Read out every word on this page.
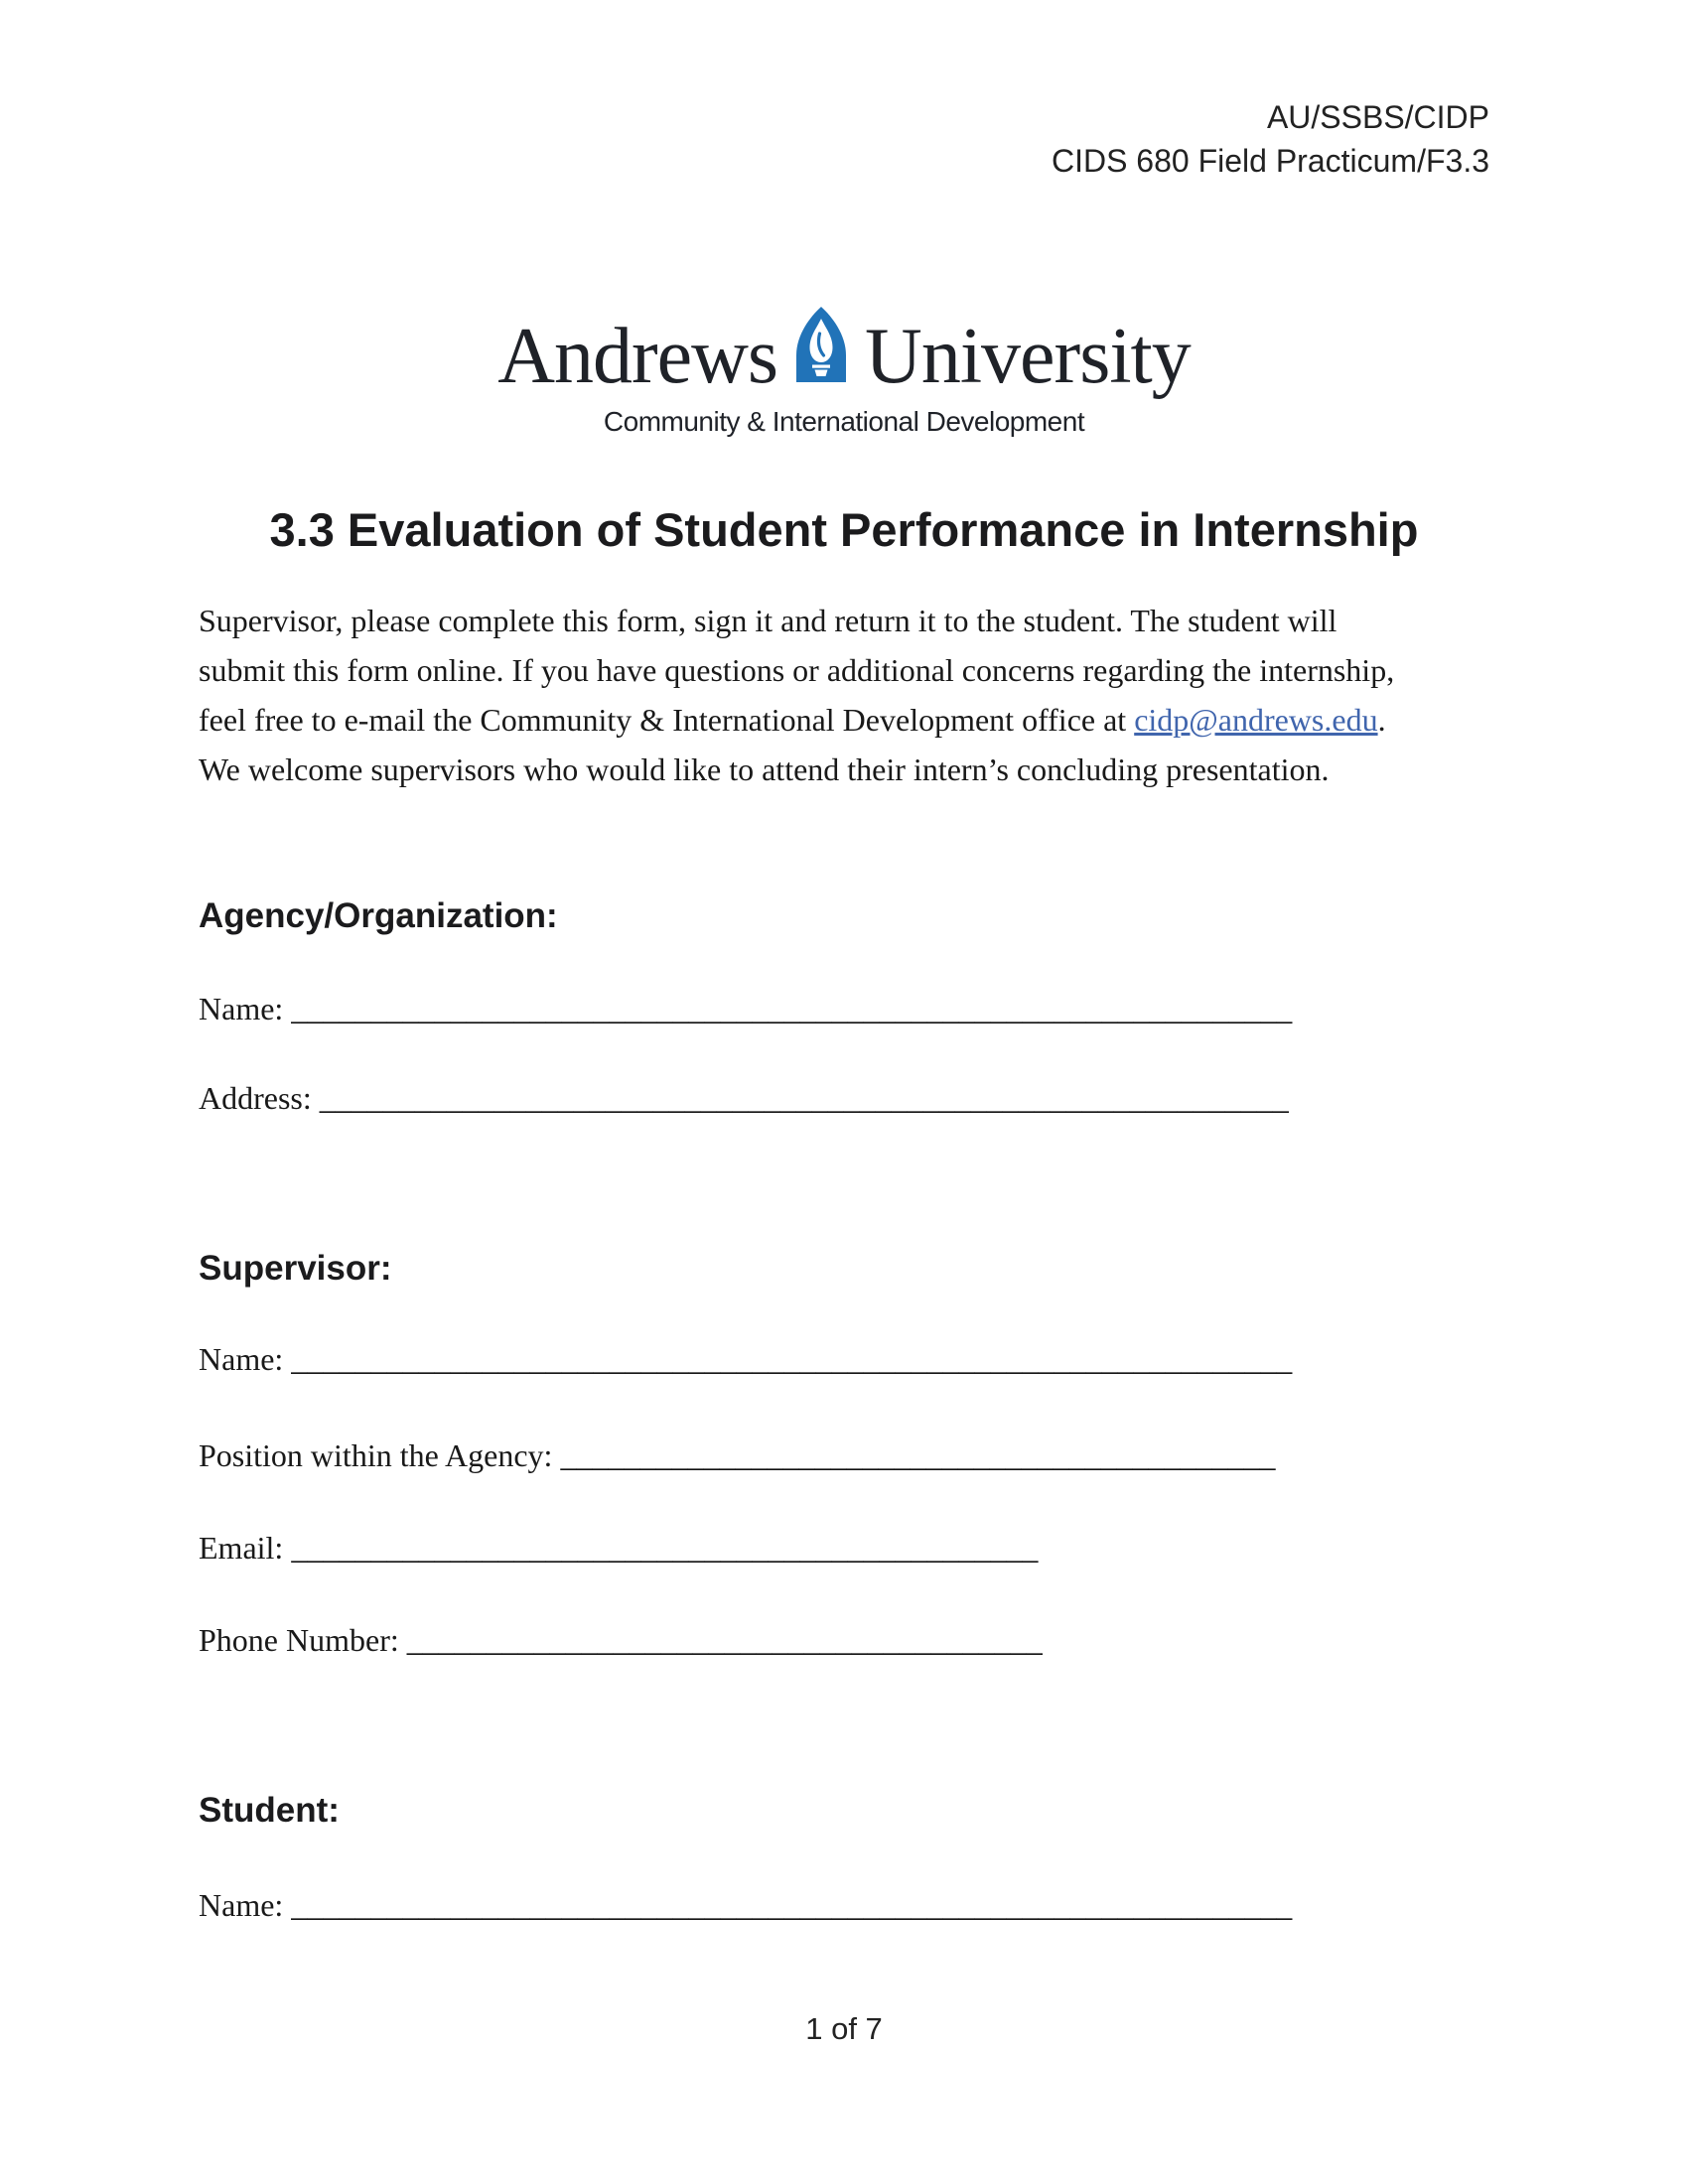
AU/SSBS/CIDP
CIDS 680 Field Practicum/F3.3
Andrews University
Community & International Development
3.3 Evaluation of Student Performance in Internship
Supervisor, please complete this form, sign it and return it to the student. The student will
submit this form online. If you have questions or additional concerns regarding the internship,
feel free to e-mail the Community & International Development office at cidp@andrews.edu.
We welcome supervisors who would like to attend their intern’s concluding presentation.
Agency/Organization:
Name: _______________________________________________________________
Address: _____________________________________________________________
Supervisor:
Name: _______________________________________________________________
Position within the Agency: _____________________________________________
Email: _______________________________________________
Phone Number: ________________________________________
Student:
Name: _______________________________________________________________
1 of 7
